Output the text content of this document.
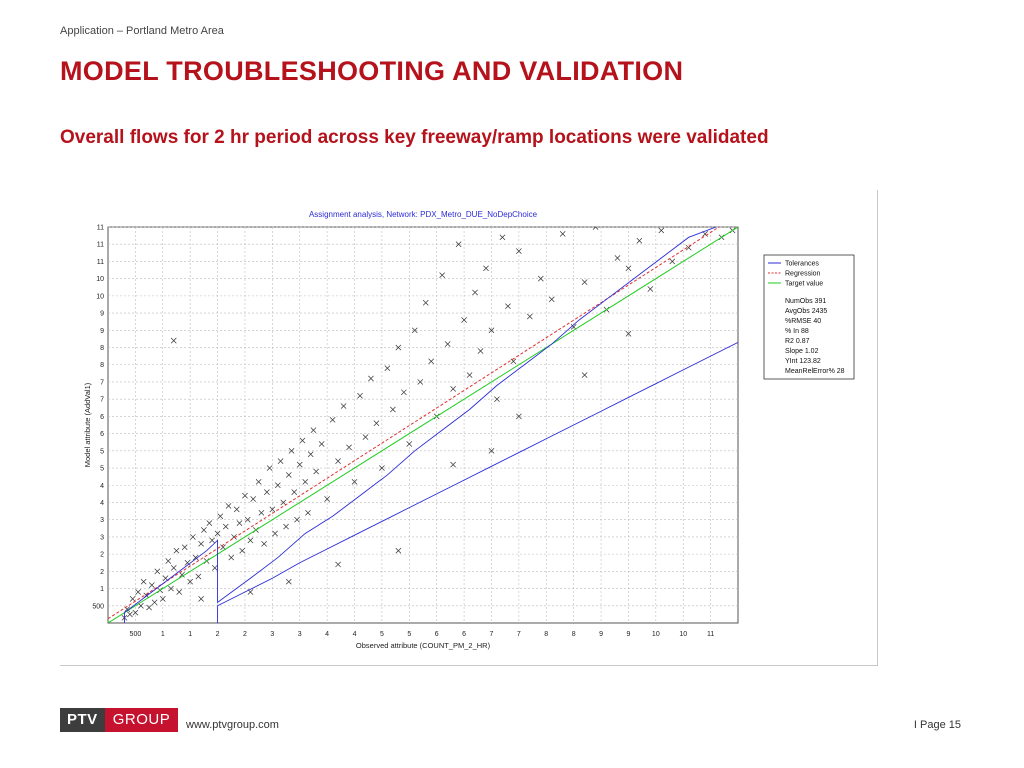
Application – Portland Metro Area
MODEL TROUBLESHOOTING AND VALIDATION
Overall flows for 2 hr period across key freeway/ramp locations were validated
Assignment analysis, Network: PDX_Metro_DUE_NoDepChoice
500	1	1	2	2	3	3	4	4	5	5	6	6	7	7	8	8	9	9	10	10	11
500
1
2
2
3
3
4
4
5
5
6
6
7
7
8
8
9
9
10
10
11
11
11
Observed attribute (COUNT_PM_2_HR)
Model attribute (AddVal1)
Tolerances
Regression
Target value
NumObs 391
AvgObs 2435
%RMSE 40
% In 88
R2 0.87
Slope 1.02
YInt 123.82
MeanRelError% 28
PTV	GROUP	www.ptvgroup.com	I Page 15
